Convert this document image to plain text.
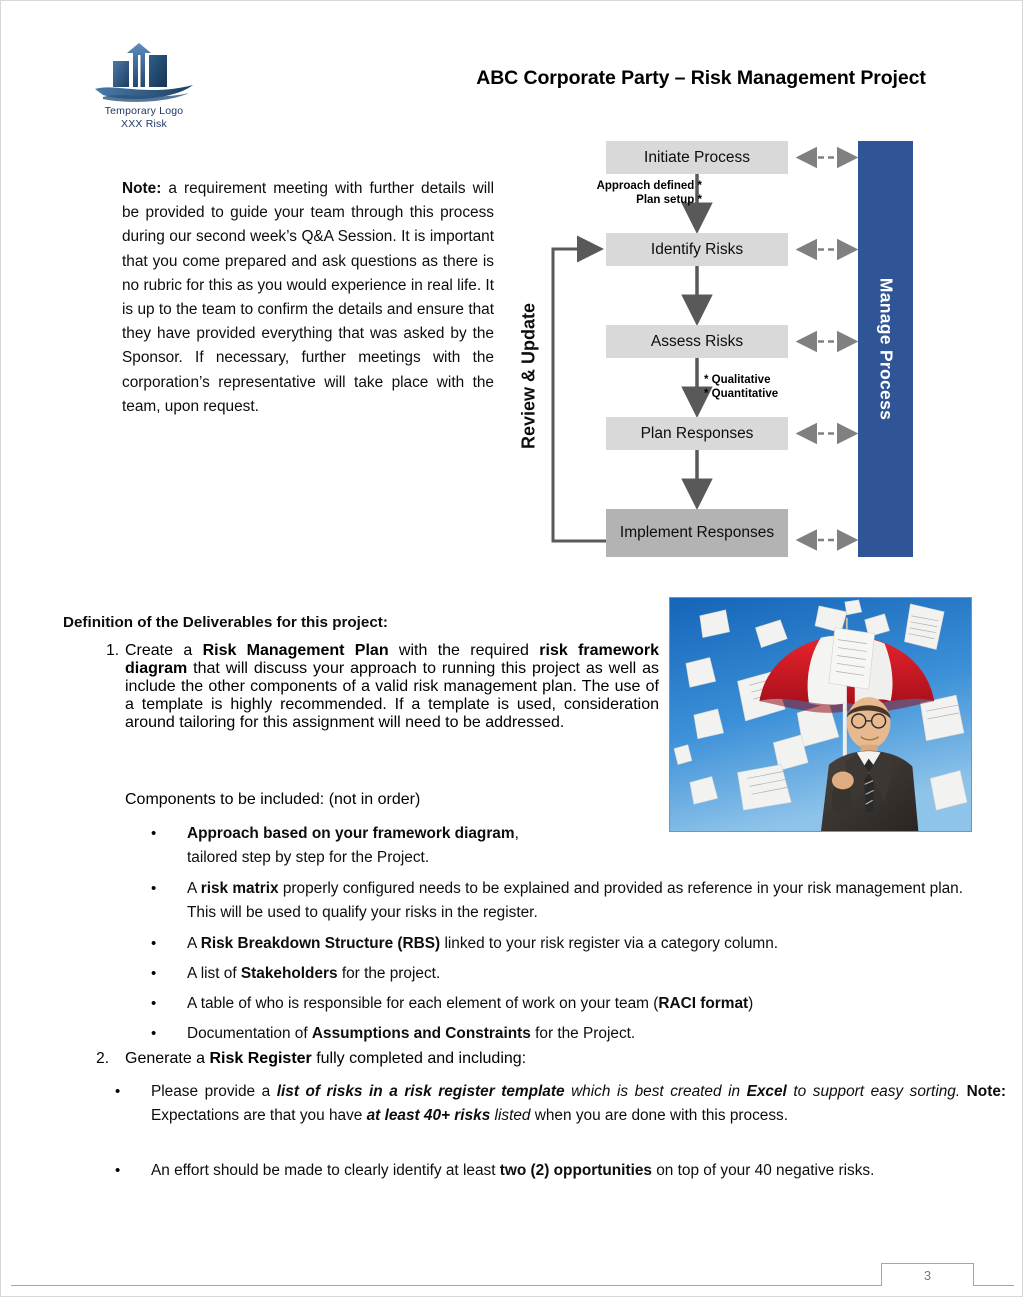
Temporary Logo
XXX Risk
ABC Corporate Party – Risk Management Project
Note: a requirement meeting with further details will be provided to guide your team through this process during our second week’s Q&A Session. It is important that you come prepared and ask questions as there is no rubric for this as you would experience in real life. It is up to the team to confirm the details and ensure that they have provided everything that was asked by the Sponsor. If necessary, further meetings with the corporation’s representative will take place with the team, upon request.
Initiate Process
Identify Risks
Assess Risks
Plan Responses
Implement Responses
Manage Process
Review & Update
Approach defined *
Plan setup *
* Qualitative
* Quantitative
Definition of the Deliverables for this project:
1. Create a Risk Management Plan with the required risk framework diagram that will discuss your approach to running this project as well as include the other components of a valid risk management plan. The use of a template is highly recommended. If a template is used, consideration around tailoring for this assignment will need to be addressed.
Components to be included: (not in order)
• Approach based on your framework diagram,
tailored step by step for the Project.
• A risk matrix properly configured needs to be explained and provided as reference in your risk management plan. This will be used to qualify your risks in the register.
• A Risk Breakdown Structure (RBS) linked to your risk register via a category column.
• A list of Stakeholders for the project.
• A table of who is responsible for each element of work on your team (RACI format)
• Documentation of Assumptions and Constraints for the Project.
2. Generate a Risk Register fully completed and including:
• Please provide a list of risks in a risk register template which is best created in Excel to support easy sorting. Note: Expectations are that you have at least 40+ risks listed when you are done with this process.
• An effort should be made to clearly identify at least two (2) opportunities on top of your 40 negative risks.
3
